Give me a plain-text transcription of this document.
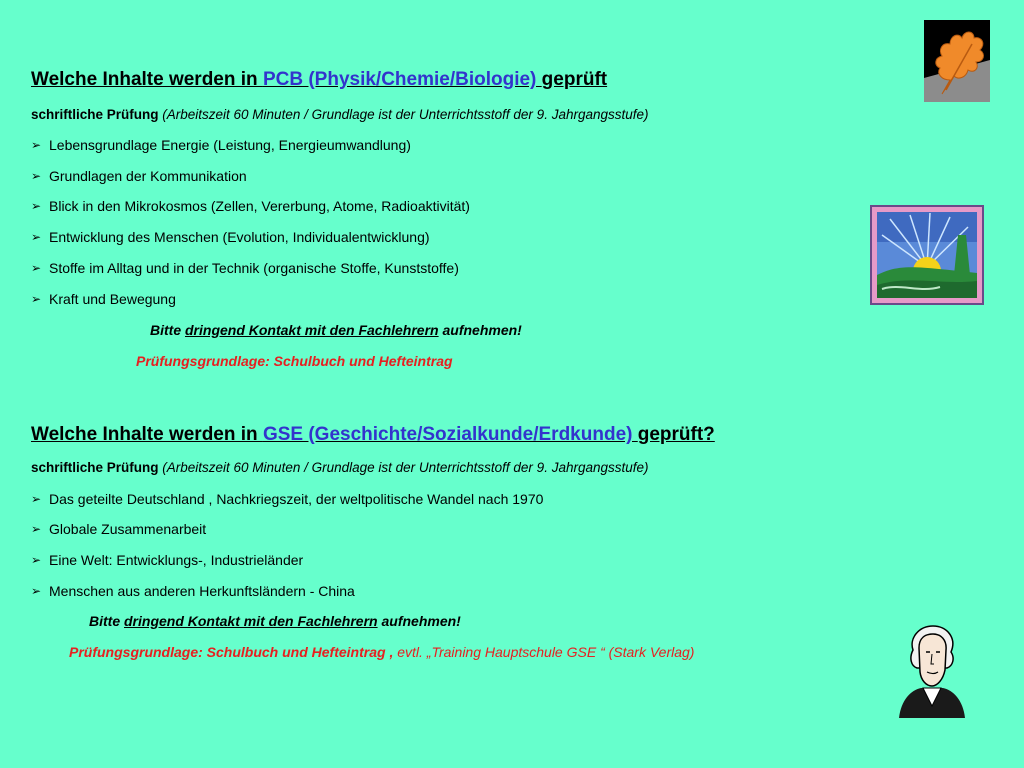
Welche Inhalte werden in PCB (Physik/Chemie/Biologie) geprüft
schriftliche Prüfung (Arbeitszeit 60 Minuten / Grundlage ist der Unterrichtsstoff der 9. Jahrgangsstufe)
➢ Lebensgrundlage Energie (Leistung, Energieumwandlung)
➢ Grundlagen der Kommunikation
➢ Blick in den Mikrokosmos (Zellen, Vererbung, Atome, Radioaktivität)
➢ Entwicklung des Menschen (Evolution, Individualentwicklung)
➢ Stoffe im Alltag und in der Technik (organische Stoffe, Kunststoffe)
➢ Kraft und Bewegung
Bitte dringend Kontakt mit den Fachlehrern aufnehmen!
Prüfungsgrundlage: Schulbuch und Hefteintrag
Welche Inhalte werden in GSE (Geschichte/Sozialkunde/Erdkunde) geprüft?
schriftliche Prüfung (Arbeitszeit 60 Minuten / Grundlage ist der Unterrichtsstoff der 9. Jahrgangsstufe)
➢ Das geteilte Deutschland , Nachkriegszeit, der weltpolitische Wandel nach 1970
➢ Globale Zusammenarbeit
➢ Eine Welt: Entwicklungs-, Industrieländer
➢ Menschen aus anderen Herkunftsländern - China
Bitte dringend Kontakt mit den Fachlehrern aufnehmen!
Prüfungsgrundlage: Schulbuch und Hefteintrag , evtl. „Training Hauptschule GSE “ (Stark Verlag)
